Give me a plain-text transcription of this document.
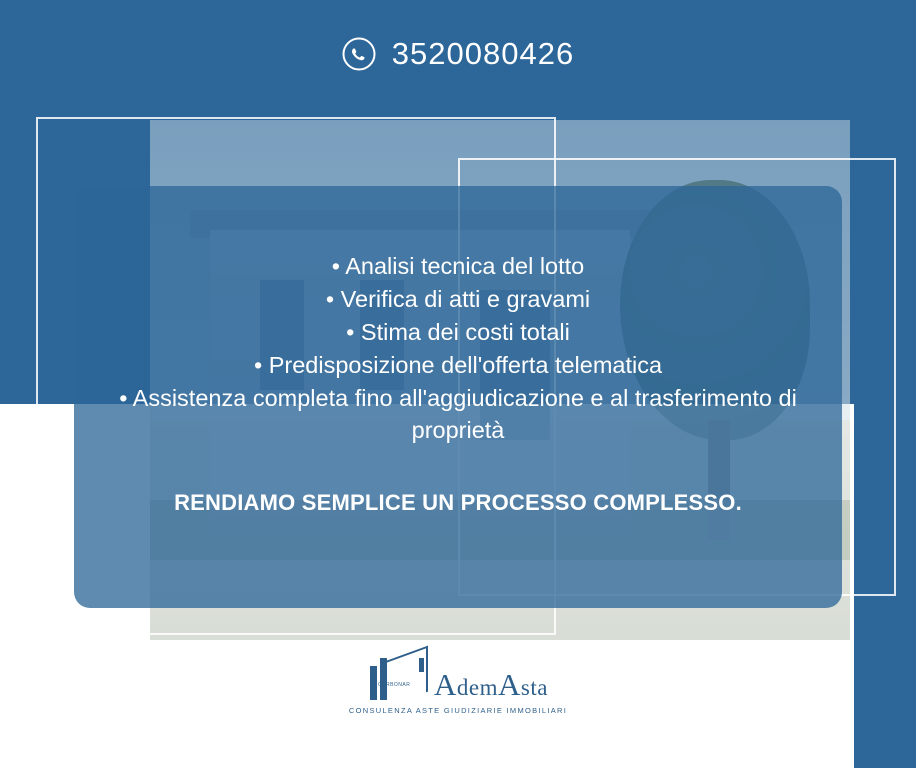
3520080426
• Analisi tecnica del lotto
• Verifica di atti e gravami
• Stima dei costi totali
• Predisposizione dell'offerta telematica
• Assistenza completa fino all'aggiudicazione e al trasferimento di proprietà
RENDIAMO SEMPLICE UN PROCESSO COMPLESSO.
CARBONAR AdemAsta
CONSULENZA ASTE GIUDIZIARIE IMMOBILIARI
